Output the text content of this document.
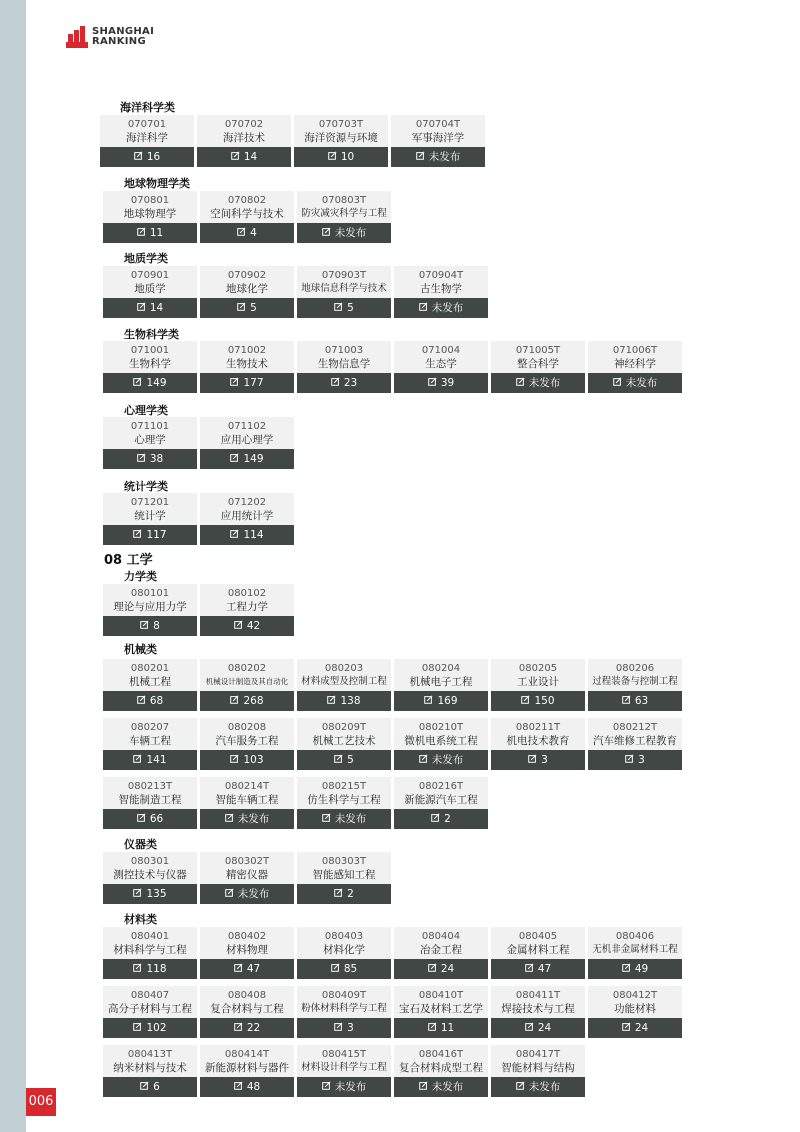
SHANGHAI
RANKING
08 工学
海洋科学类
070701
海洋科学
16
070702
海洋技术
14
070703T
海洋资源与环境
10
070704T
军事海洋学
未发布
地球物理学类
070801
地球物理学
11
070802
空间科学与技术
4
070803T
防灾减灾科学与工程
未发布
地质学类
070901
地质学
14
070902
地球化学
5
070903T
地球信息科学与技术
5
070904T
古生物学
未发布
生物科学类
071001
生物科学
149
071002
生物技术
177
071003
生物信息学
23
071004
生态学
39
071005T
整合科学
未发布
071006T
神经科学
未发布
心理学类
071101
心理学
38
071102
应用心理学
149
统计学类
071201
统计学
117
071202
应用统计学
114
力学类
080101
理论与应用力学
8
080102
工程力学
42
机械类
080201
机械工程
68
080202
机械设计制造及其自动化
268
080203
材料成型及控制工程
138
080204
机械电子工程
169
080205
工业设计
150
080206
过程装备与控制工程
63
080207
车辆工程
141
080208
汽车服务工程
103
080209T
机械工艺技术
5
080210T
微机电系统工程
未发布
080211T
机电技术教育
3
080212T
汽车维修工程教育
3
080213T
智能制造工程
66
080214T
智能车辆工程
未发布
080215T
仿生科学与工程
未发布
080216T
新能源汽车工程
2
仪器类
080301
测控技术与仪器
135
080302T
精密仪器
未发布
080303T
智能感知工程
2
材料类
080401
材料科学与工程
118
080402
材料物理
47
080403
材料化学
85
080404
冶金工程
24
080405
金属材料工程
47
080406
无机非金属材料工程
49
080407
高分子材料与工程
102
080408
复合材料与工程
22
080409T
粉体材料科学与工程
3
080410T
宝石及材料工艺学
11
080411T
焊接技术与工程
24
080412T
功能材料
24
080413T
纳米材料与技术
6
080414T
新能源材料与器件
48
080415T
材料设计科学与工程
未发布
080416T
复合材料成型工程
未发布
080417T
智能材料与结构
未发布
006
